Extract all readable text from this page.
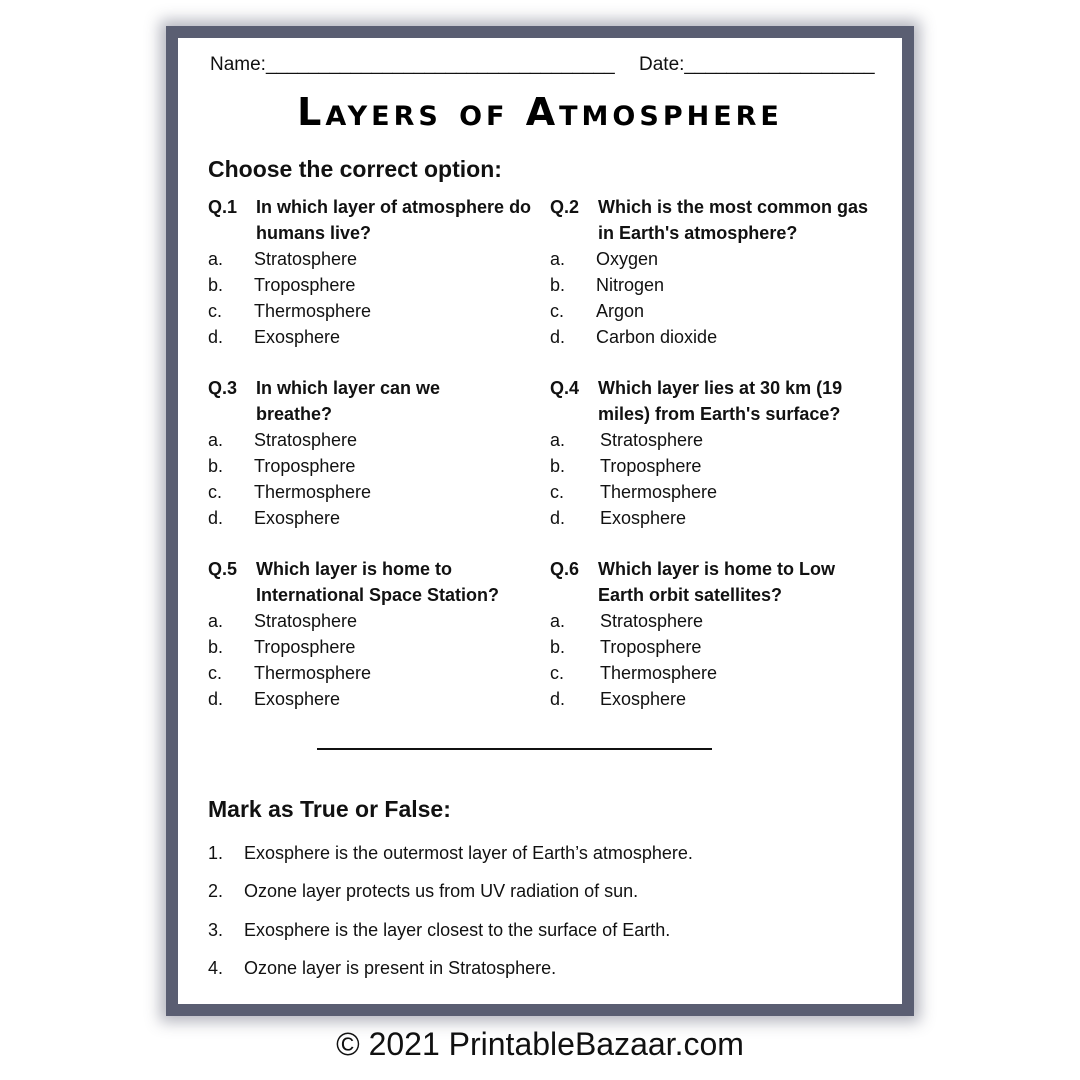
Name:_________________________________ Date:__________________
Layers of Atmosphere
Choose the correct option:
Q.1	In which layer of atmosphere do humans live?
a.	Stratosphere
b.	Troposphere
c.	Thermosphere
d.	Exosphere
Q.2	Which is the most common gas in Earth's atmosphere?
a.	Oxygen
b.	Nitrogen
c.	Argon
d.	Carbon dioxide
Q.3	In which layer can we breathe?
a.	Stratosphere
b.	Troposphere
c.	Thermosphere
d.	Exosphere
Q.4	Which layer lies at 30 km (19 miles) from Earth's surface?
a.	Stratosphere
b.	Troposphere
c.	Thermosphere
d.	Exosphere
Q.5	Which layer is home to International Space Station?
a.	Stratosphere
b.	Troposphere
c.	Thermosphere
d.	Exosphere
Q.6	Which layer is home to Low Earth orbit satellites?
a.	Stratosphere
b.	Troposphere
c.	Thermosphere
d.	Exosphere
Mark as True or False:
1.	Exosphere is the outermost layer of Earth’s atmosphere.
2.	Ozone layer protects us from UV radiation of sun.
3.	Exosphere is the layer closest to the surface of Earth.
4.	Ozone layer is present in Stratosphere.
© 2021 PrintableBazaar.com
